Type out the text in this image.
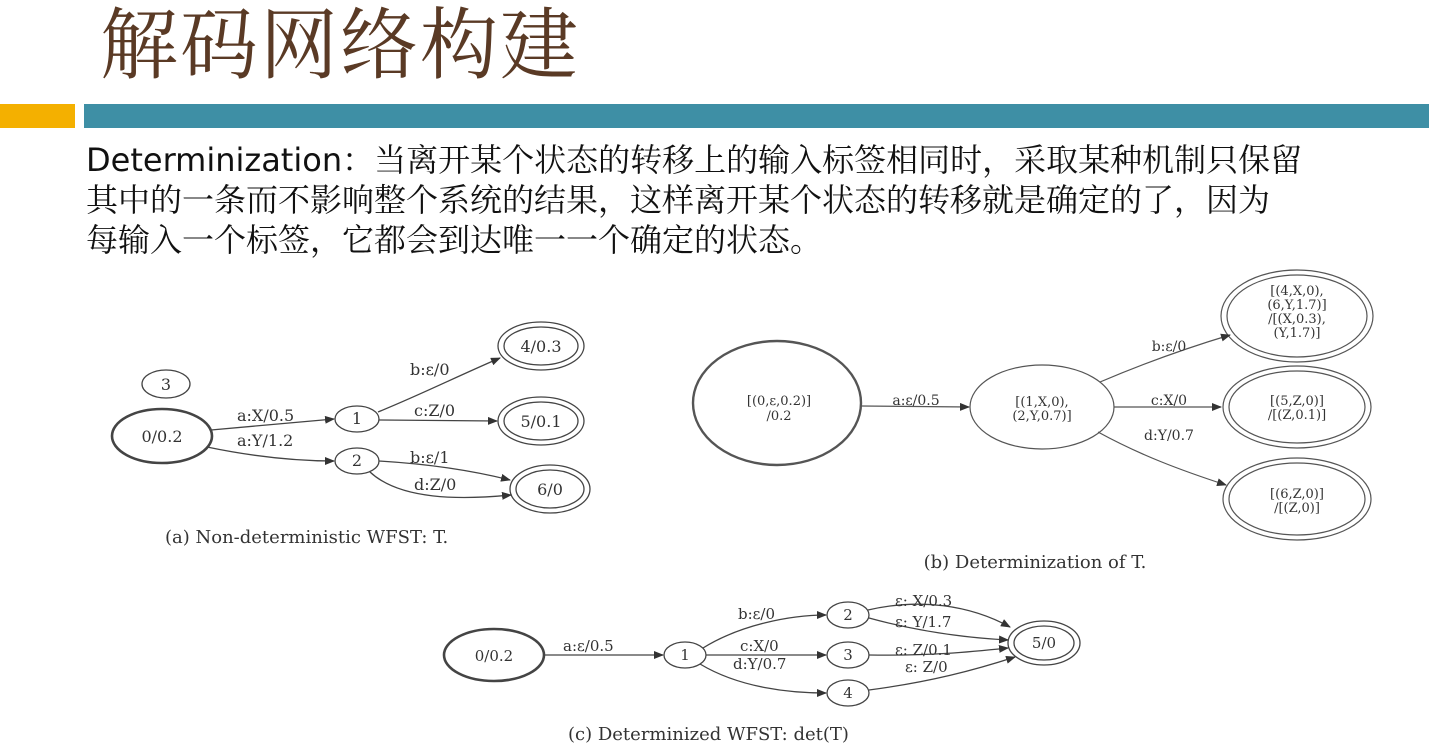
解码网络构建
Determinization：当离开某个状态的转移上的输入标签相同时，采取某种机制只保留
其中的一条而不影响整个系统的结果，这样离开某个状态的转移就是确定的了，因为
每输入一个标签，它都会到达唯一一个确定的状态。
3
0/0.2
1
2
4/0.3
5/0.1
6/0
a:X/0.5
a:Y/1.2
b:ε/0
c:Z/0
b:ε/1
d:Z/0
(a) Non-deterministic WFST: T.
[(0,ε,0.2)]
/0.2
[(1,X,0),
(2,Y,0.7)]
[(4,X,0),
(6,Y,1.7)]
/[(X,0.3),
(Y,1.7)]
[(5,Z,0)]
/[(Z,0.1)]
[(6,Z,0)]
/[(Z,0)]
a:ε/0.5
b:ε/0
c:X/0
d:Y/0.7
(b) Determinization of T.
0/0.2	1
2
3
4
5/0
a:ε/0.5
b:ε/0
c:X/0
d:Y/0.7
ε: X/0.3
ε: Y/1.7
ε: Z/0.1
ε: Z/0
(c) Determinized WFST: det(T)
